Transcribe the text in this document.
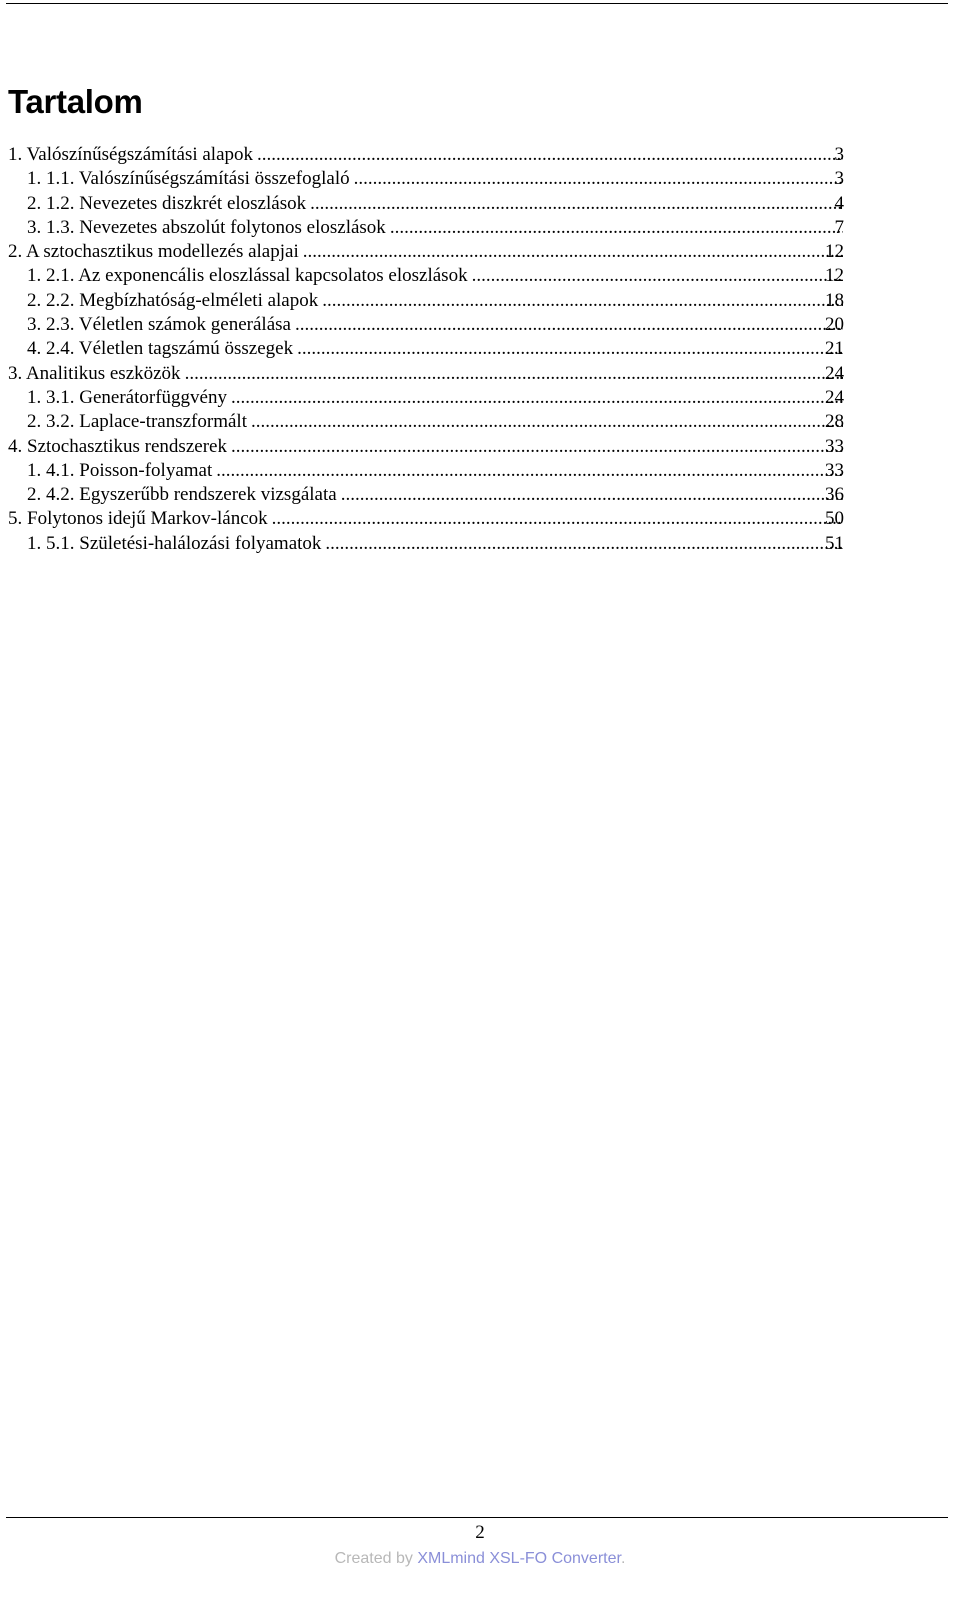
Tartalom
1. Valószínűségszámítási alapok .....	3
1. 1.1. Valószínűségszámítási összefoglaló .....	3
2. 1.2. Nevezetes diszkrét eloszlások .....	4
3. 1.3. Nevezetes abszolút folytonos eloszlások .....	7
2. A sztochasztikus modellezés alapjai .....	12
1. 2.1. Az exponencális eloszlással kapcsolatos eloszlások .....	12
2. 2.2. Megbízhatóság-elméleti alapok .....	18
3. 2.3. Véletlen számok generálása .....	20
4. 2.4. Véletlen tagszámú összegek .....	21
3. Analitikus eszközök .....	24
1. 3.1. Generátorfüggvény .....	24
2. 3.2. Laplace-transzformált .....	28
4. Sztochasztikus rendszerek .....	33
1. 4.1. Poisson-folyamat .....	33
2. 4.2. Egyszerűbb rendszerek vizsgálata .....	36
5. Folytonos idejű Markov-láncok .....	50
1. 5.1. Születési-halálozási folyamatok .....	51
2
Created by XMLmind XSL-FO Converter.
